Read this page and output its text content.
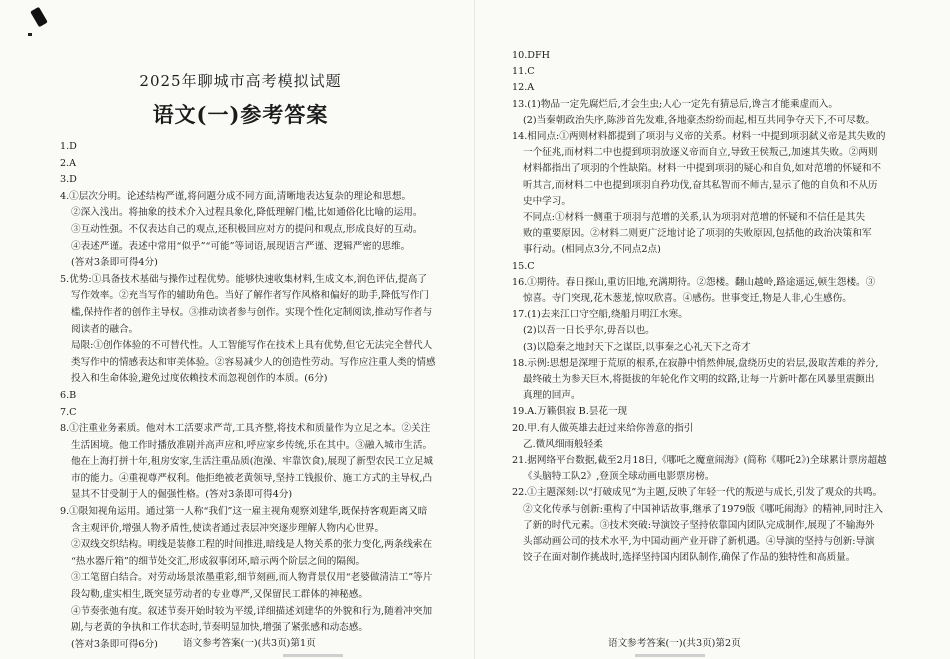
2025年聊城市高考模拟试题
语文(一)参考答案
1.D
2.A
3.D
4.①层次分明。论述结构严谨,将问题分成不同方面,清晰地表达复杂的理论和思想。
②深入浅出。将抽象的技术介入过程具象化,降低理解门槛,比如通俗化比喻的运用。
③互动性强。不仅表达自己的观点,还积极回应对方的提问和观点,形成良好的互动。
④表述严谨。表述中常用“似乎”“可能”等词语,展现语言严谨、逻辑严密的思维。
(答对3条即可得4分)
5.优势:①具备技术基础与操作过程优势。能够快速收集材料,生成文本,润色评估,提高了
写作效率。②充当写作的辅助角色。当好了解作者写作风格和偏好的助手,降低写作门
槛,保持作者的创作主导权。③推动读者参与创作。实现个性化定制阅读,推动写作者与
阅读者的融合。
局限:①创作体验的不可替代性。人工智能写作在技术上具有优势,但它无法完全替代人
类写作中的情感表达和审美体验。②容易减少人的创造性劳动。写作应注重人类的情感
投入和生命体验,避免过度依赖技术而忽视创作的本质。(6分)
6.B
7.C
8.①注重业务素质。他对木工活要求严苛,工具齐整,将技术和质量作为立足之本。②关注
生活困境。他工作时播放准剧并高声应和,呼应家乡传统,乐在其中。③融入城市生活。
他在上海打拼十年,租房安家,生活注重品质(泡澡、牢靠饮食),展现了新型农民工立足城
市的能力。④重视尊严权利。他拒绝被老黄领导,坚持工钱报价、施工方式的主导权,凸
显其不甘受制于人的倔强性格。(答对3条即可得4分)
9.①限知视角运用。通过第一人称“我们”这一雇主视角观察刘建华,既保持客观距离又暗
含主观评价,增强人物矛盾性,使读者通过表层冲突逐步理解人物内心世界。
②双线交织结构。明线是装修工程的时间推进,暗线是人物关系的张力变化,两条线索在
“热水器斤箱”的细节处交汇,形成叙事闭环,暗示两个阶层之间的隔阂。
③工笔留白结合。对劳动场景浓墨重彩,细节刻画,而人物背景仅用“老婆做清洁工”等片
段勾勒,虚实相生,既突显劳动者的专业尊严,又保留民工群体的神秘感。
④节奏张弛有度。叙述节奏开始时较为平缓,详细描述刘建华的外貌和行为,随着冲突加
剧,与老黄的争执和工作状态时,节奏明显加快,增强了紧张感和动态感。
(答对3条即可得6分)	语文参考答案(一)(共3页)第1页
10.DFH
11.C
12.A
13.(1)物品一定先腐烂后,才会生虫;人心一定先有猜忌后,谗言才能乘虚而入。
(2)当秦朝政治失序,陈涉首先发难,各地豪杰纷纷而起,相互共同争夺天下,不可尽数。
14.相同点:①两则材料都提到了项羽与义帝的关系。材料一中提到项羽弑义帝是其失败的
一个征兆,而材料二中也提到项羽放逐义帝而自立,导致王侯叛己,加速其失败。②两则
材料都指出了项羽的个性缺陷。材料一中提到项羽的疑心和自负,如对范增的怀疑和不
听其言,而材料二中也提到项羽自矜功伐,奋其私智而不师古,显示了他的自负和不从历
史中学习。
不同点:①材料一侧重于项羽与范增的关系,认为项羽对范增的怀疑和不信任是其失
败的重要原因。②材料二则更广泛地讨论了项羽的失败原因,包括他的政治决策和军
事行动。(相同点3分,不同点2点)
15.C
16.①期待。春日探山,重访旧地,充满期待。②怨楼。翻山越岭,路途遥远,顿生怨楼。③
惊喜。寺门突现,花木葱茏,惊叹欣喜。④感伤。世事变迁,物是人非,心生感伤。
17.(1)去来江口守空船,绕船月明江水寒。
(2)以吾一日长乎尔,毋吾以也。
(3)以隐秦之地封天下之谋臣,以事秦之心礼天下之奇才
18.示例:思想是深埋于荒原的根系,在寂静中悄然伸展,盘绕历史的岩层,汲取苦难的养分,
最终破土为参天巨木,将挺拔的年轮化作文明的纹路,让每一片新叶都在风暴里震颤出
真理的回声。
19.A.万籁俱寂 B.昙花一现
20.甲.有人做英雄去赶过来给你善意的指引
乙.微风细雨般轻柔
21.据网络平台数据,截至2月18日,《哪吒之魔童闹海》(简称《哪吒2》)全球累计票房超越
《头脑特工队2》,登顶全球动画电影票房榜。
22.①主题深刻:以“打破成见”为主题,反映了年轻一代的叛逆与成长,引发了观众的共鸣。
②文化传承与创新:重构了中国神话故事,继承了1979版《哪吒闹海》的精神,同时注入
了新的时代元素。③技术突破:导演饺子坚持依靠国内团队完成制作,展现了不输海外
头部动画公司的技术水平,为中国动画产业开辟了新机遇。④导演的坚持与创新:导演
饺子在面对制作挑战时,选择坚持国内团队制作,确保了作品的独特性和高质量。
语文参考答案(一)(共3页)第2页
